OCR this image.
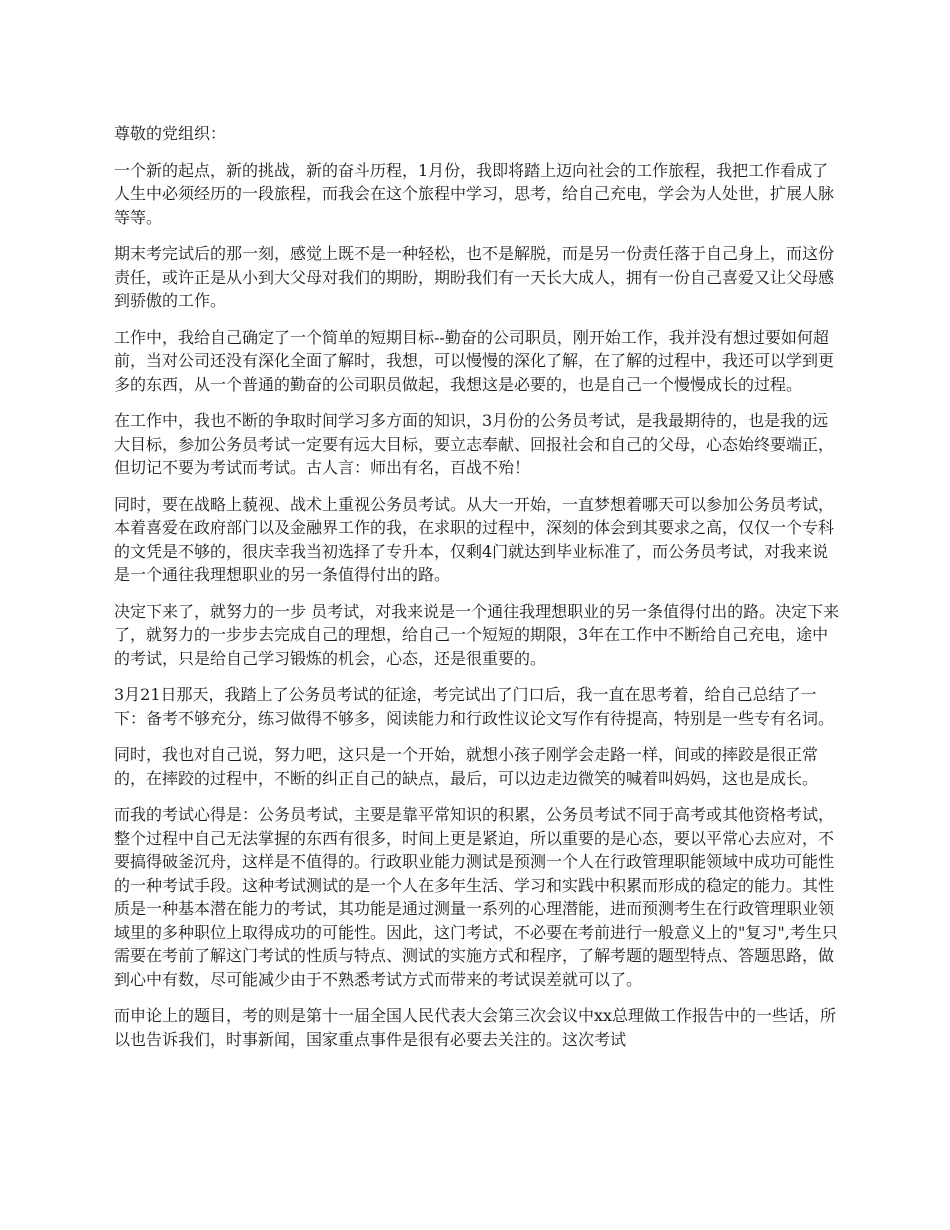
尊敬的党组织：

一个新的起点，新的挑战，新的奋斗历程，1月份，我即将踏上迈向社会的工作旅程，我把工作看成了人生中必须经历的一段旅程，而我会在这个旅程中学习，思考，给自己充电，学会为人处世，扩展人脉等等。

期末考完试后的那一刻，感觉上既不是一种轻松，也不是解脱，而是另一份责任落于自己身上，而这份责任，或许正是从小到大父母对我们的期盼，期盼我们有一天长大成人，拥有一份自己喜爱又让父母感到骄傲的工作。

工作中，我给自己确定了一个简单的短期目标--勤奋的公司职员，刚开始工作，我并没有想过要如何超前，当对公司还没有深化全面了解时，我想，可以慢慢的深化了解，在了解的过程中，我还可以学到更多的东西，从一个普通的勤奋的公司职员做起，我想这是必要的，也是自己一个慢慢成长的过程。

在工作中，我也不断的争取时间学习多方面的知识，3月份的公务员考试，是我最期待的，也是我的远大目标，参加公务员考试一定要有远大目标，要立志奉献、回报社会和自己的父母，心态始终要端正，但切记不要为考试而考试。古人言：师出有名，百战不殆！

同时，要在战略上藐视、战术上重视公务员考试。从大一开始，一直梦想着哪天可以参加公务员考试，本着喜爱在政府部门以及金融界工作的我，在求职的过程中，深刻的体会到其要求之高，仅仅一个专科的文凭是不够的，很庆幸我当初选择了专升本，仅剩4门就达到毕业标准了，而公务员考试，对我来说是一个通往我理想职业的另一条值得付出的路。

决定下来了，就努力的一步 员考试，对我来说是一个通往我理想职业的另一条值得付出的路。决定下来了，就努力的一步步去完成自己的理想，给自己一个短短的期限，3年在工作中不断给自己充电，途中的考试，只是给自己学习锻炼的机会，心态，还是很重要的。

3月21日那天，我踏上了公务员考试的征途，考完试出了门口后，我一直在思考着，给自己总结了一下：备考不够充分，练习做得不够多，阅读能力和行政性议论文写作有待提高，特别是一些专有名词。

同时，我也对自己说，努力吧，这只是一个开始，就想小孩子刚学会走路一样，间或的摔跤是很正常的，在摔跤的过程中，不断的纠正自己的缺点，最后，可以边走边微笑的喊着叫妈妈，这也是成长。

而我的考试心得是：公务员考试，主要是靠平常知识的积累，公务员考试不同于高考或其他资格考试，整个过程中自己无法掌握的东西有很多，时间上更是紧迫，所以重要的是心态，要以平常心去应对，不要搞得破釜沉舟，这样是不值得的。行政职业能力测试是预测一个人在行政管理职能领域中成功可能性的一种考试手段。这种考试测试的是一个人在多年生活、学习和实践中积累而形成的稳定的能力。其性质是一种基本潜在能力的考试，其功能是通过测量一系列的心理潜能，进而预测考生在行政管理职业领域里的多种职位上取得成功的可能性。因此，这门考试，不必要在考前进行一般意义上的"复习",考生只需要在考前了解这门考试的性质与特点、测试的实施方式和程序，了解考题的题型特点、答题思路，做到心中有数，尽可能减少由于不熟悉考试方式而带来的考试误差就可以了。

而申论上的题目，考的则是第十一届全国人民代表大会第三次会议中xx总理做工作报告中的一些话，所以也告诉我们，时事新闻，国家重点事件是很有必要去关注的。这次考试
